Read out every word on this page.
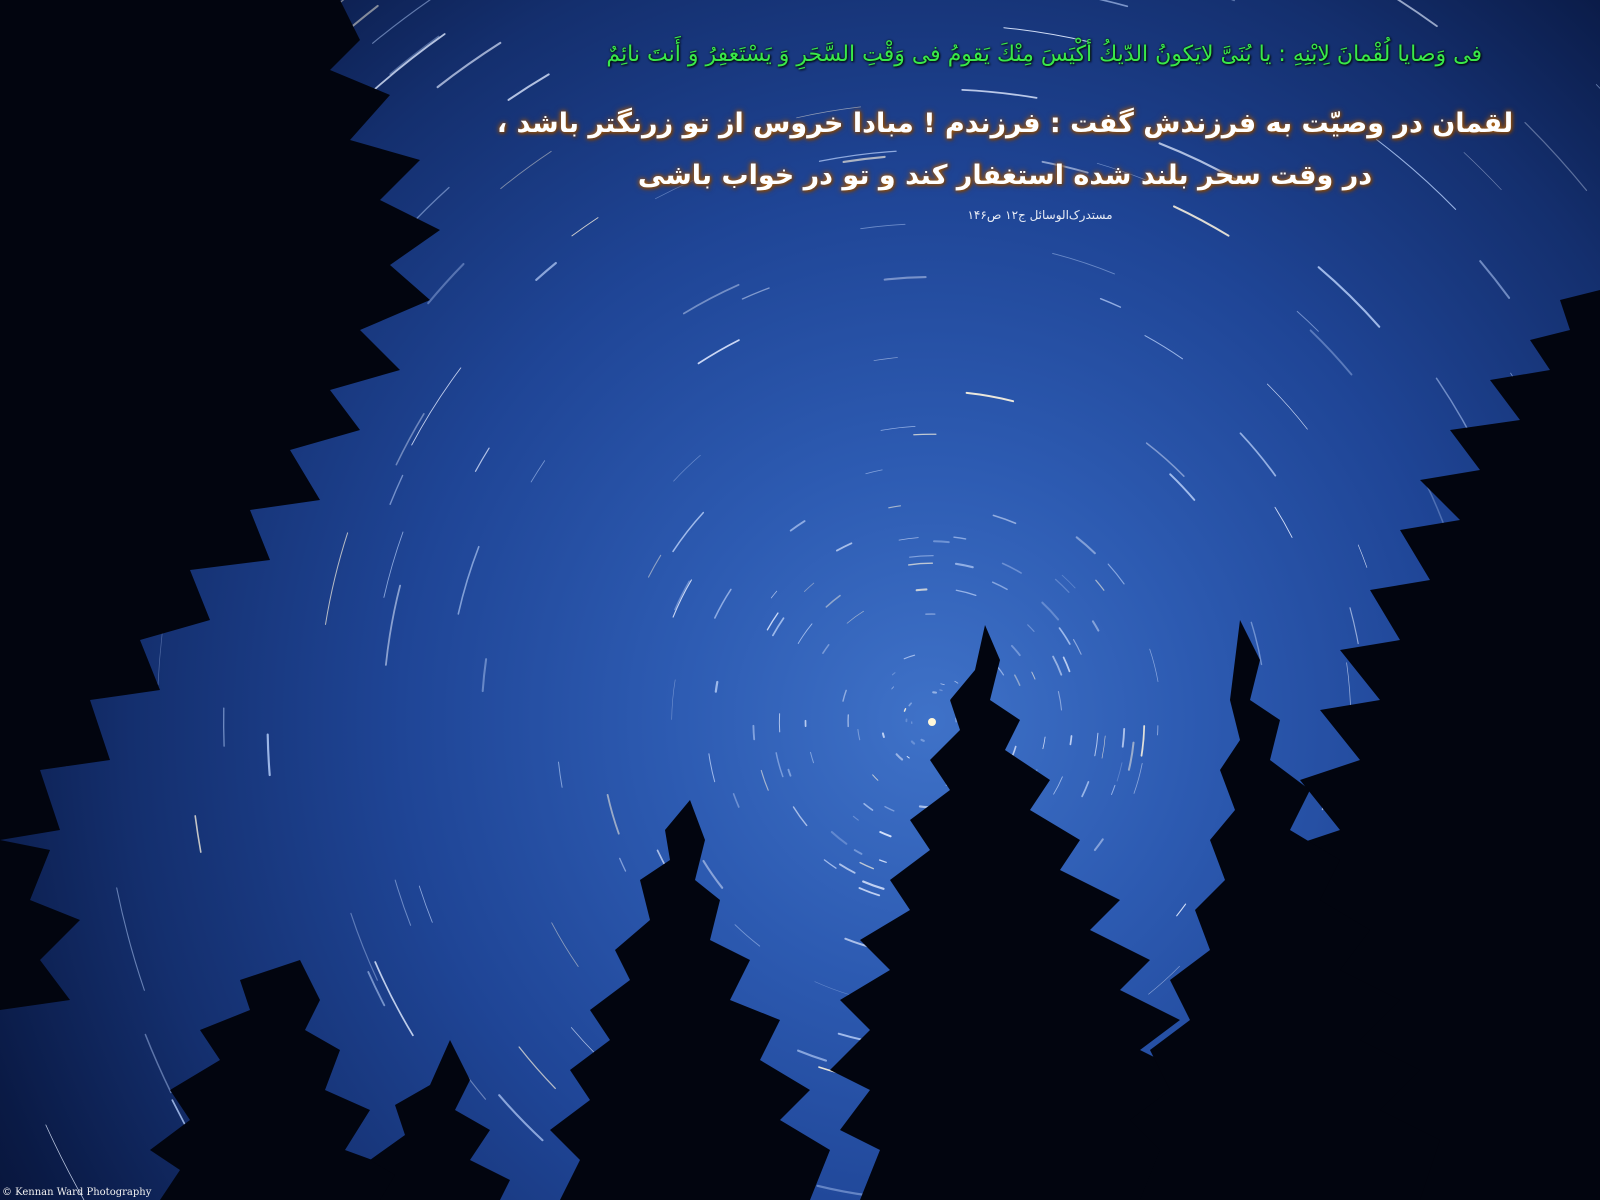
فی وَصایا لُقْمانَ لِابْنِهِ : یا بُنَیَّ لایَکونُ الدّیكُ أكْیَسَ مِنْكَ یَقومُ فی وَقْتِ السَّحَرِ وَ یَسْتَغفِرُ وَ أَنتَ نائِمٌ
لقمان در وصیّت به فرزندش گفت : فرزندم ! مبادا خروس از تو زرنگتر باشد ،
در وقت سحر بلند شده استغفار کند و تو در خواب باشی
مستدرک‌الوسائل ج۱۲ ص۱۴۶
© Kennan Ward Photography
